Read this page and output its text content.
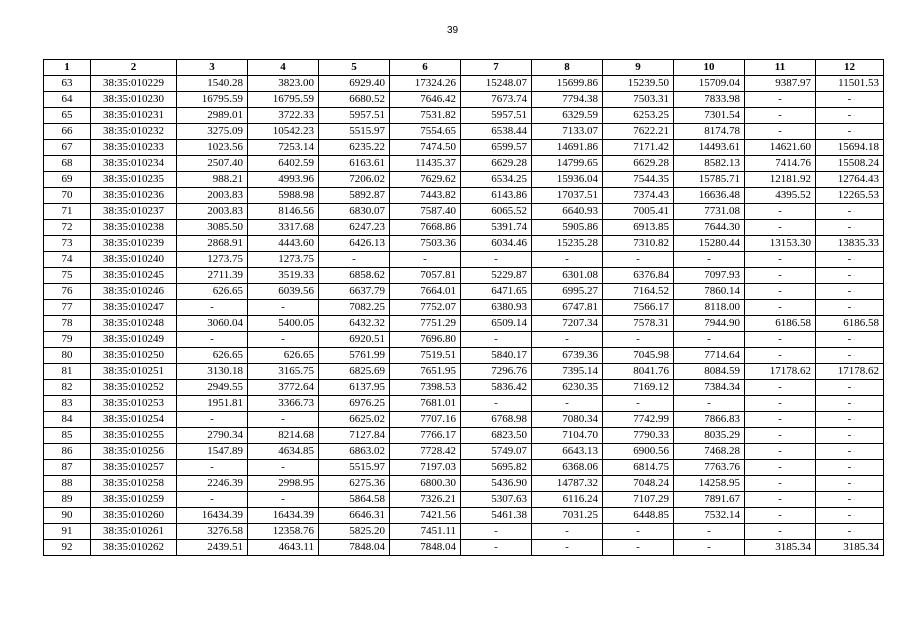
39
1	2	3	4	5	6	7	8	9	10	11	12
63	38:35:010229	1540.28	3823.00	6929.40	17324.26	15248.07	15699.86	15239.50	15709.04	9387.97	11501.53
64	38:35:010230	16795.59	16795.59	6680.52	7646.42	7673.74	7794.38	7503.31	7833.98	-	-
65	38:35:010231	2989.01	3722.33	5957.51	7531.82	5957.51	6329.59	6253.25	7301.54	-	-
66	38:35:010232	3275.09	10542.23	5515.97	7554.65	6538.44	7133.07	7622.21	8174.78	-	-
67	38:35:010233	1023.56	7253.14	6235.22	7474.50	6599.57	14691.86	7171.42	14493.61	14621.60	15694.18
68	38:35:010234	2507.40	6402.59	6163.61	11435.37	6629.28	14799.65	6629.28	8582.13	7414.76	15508.24
69	38:35:010235	988.21	4993.96	7206.02	7629.62	6534.25	15936.04	7544.35	15785.71	12181.92	12764.43
70	38:35:010236	2003.83	5988.98	5892.87	7443.82	6143.86	17037.51	7374.43	16636.48	4395.52	12265.53
71	38:35:010237	2003.83	8146.56	6830.07	7587.40	6065.52	6640.93	7005.41	7731.08	-	-
72	38:35:010238	3085.50	3317.68	6247.23	7668.86	5391.74	5905.86	6913.85	7644.30	-	-
73	38:35:010239	2868.91	4443.60	6426.13	7503.36	6034.46	15235.28	7310.82	15280.44	13153.30	13835.33
74	38:35:010240	1273.75	1273.75	-	-	-	-	-	-	-	-
75	38:35:010245	2711.39	3519.33	6858.62	7057.81	5229.87	6301.08	6376.84	7097.93	-	-
76	38:35:010246	626.65	6039.56	6637.79	7664.01	6471.65	6995.27	7164.52	7860.14	-	-
77	38:35:010247	-	-	7082.25	7752.07	6380.93	6747.81	7566.17	8118.00	-	-
78	38:35:010248	3060.04	5400.05	6432.32	7751.29	6509.14	7207.34	7578.31	7944.90	6186.58	6186.58
79	38:35:010249	-	-	6920.51	7696.80	-	-	-	-	-	-
80	38:35:010250	626.65	626.65	5761.99	7519.51	5840.17	6739.36	7045.98	7714.64	-	-
81	38:35:010251	3130.18	3165.75	6825.69	7651.95	7296.76	7395.14	8041.76	8084.59	17178.62	17178.62
82	38:35:010252	2949.55	3772.64	6137.95	7398.53	5836.42	6230.35	7169.12	7384.34	-	-
83	38:35:010253	1951.81	3366.73	6976.25	7681.01	-	-	-	-	-	-
84	38:35:010254	-	-	6625.02	7707.16	6768.98	7080.34	7742.99	7866.83	-	-
85	38:35:010255	2790.34	8214.68	7127.84	7766.17	6823.50	7104.70	7790.33	8035.29	-	-
86	38:35:010256	1547.89	4634.85	6863.02	7728.42	5749.07	6643.13	6900.56	7468.28	-	-
87	38:35:010257	-	-	5515.97	7197.03	5695.82	6368.06	6814.75	7763.76	-	-
88	38:35:010258	2246.39	2998.95	6275.36	6800.30	5436.90	14787.32	7048.24	14258.95	-	-
89	38:35:010259	-	-	5864.58	7326.21	5307.63	6116.24	7107.29	7891.67	-	-
90	38:35:010260	16434.39	16434.39	6646.31	7421.56	5461.38	7031.25	6448.85	7532.14	-	-
91	38:35:010261	3276.58	12358.76	5825.20	7451.11	-	-	-	-	-	-
92	38:35:010262	2439.51	4643.11	7848.04	7848.04	-	-	-	-	3185.34	3185.34
